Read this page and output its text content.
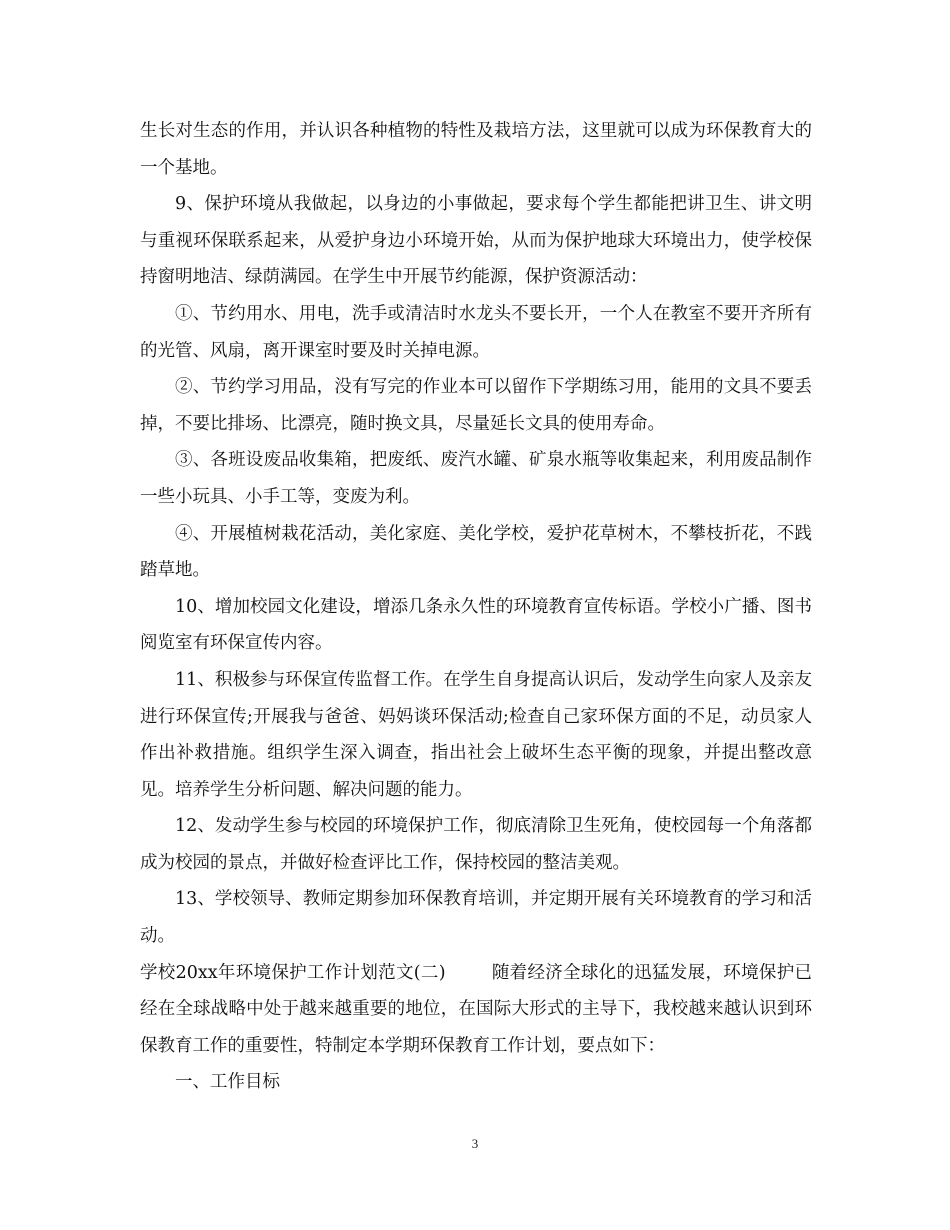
生长对生态的作用，并认识各种植物的特性及栽培方法，这里就可以成为环保教育大的一个基地。

9、保护环境从我做起，以身边的小事做起，要求每个学生都能把讲卫生、讲文明与重视环保联系起来，从爱护身边小环境开始，从而为保护地球大环境出力，使学校保持窗明地洁、绿荫满园。在学生中开展节约能源，保护资源活动：

①、节约用水、用电，洗手或清洁时水龙头不要长开，一个人在教室不要开齐所有的光管、风扇，离开课室时要及时关掉电源。

②、节约学习用品，没有写完的作业本可以留作下学期练习用，能用的文具不要丢掉，不要比排场、比漂亮，随时换文具，尽量延长文具的使用寿命。

③、各班设废品收集箱，把废纸、废汽水罐、矿泉水瓶等收集起来，利用废品制作一些小玩具、小手工等，变废为利。

④、开展植树栽花活动，美化家庭、美化学校，爱护花草树木，不攀枝折花，不践踏草地。

10、增加校园文化建设，增添几条永久性的环境教育宣传标语。学校小广播、图书阅览室有环保宣传内容。

11、积极参与环保宣传监督工作。在学生自身提高认识后，发动学生向家人及亲友进行环保宣传;开展我与爸爸、妈妈谈环保活动;检查自己家环保方面的不足，动员家人作出补救措施。组织学生深入调查，指出社会上破坏生态平衡的现象，并提出整改意见。培养学生分析问题、解决问题的能力。

12、发动学生参与校园的环境保护工作，彻底清除卫生死角，使校园每一个角落都成为校园的景点，并做好检查评比工作，保持校园的整洁美观。

13、学校领导、教师定期参加环保教育培训，并定期开展有关环境教育的学习和活动。

学校20xx年环境保护工作计划范文(二)	随着经济全球化的迅猛发展，环境保护已经在全球战略中处于越来越重要的地位，在国际大形式的主导下，我校越来越认识到环保教育工作的重要性，特制定本学期环保教育工作计划，要点如下：

一、工作目标

3
